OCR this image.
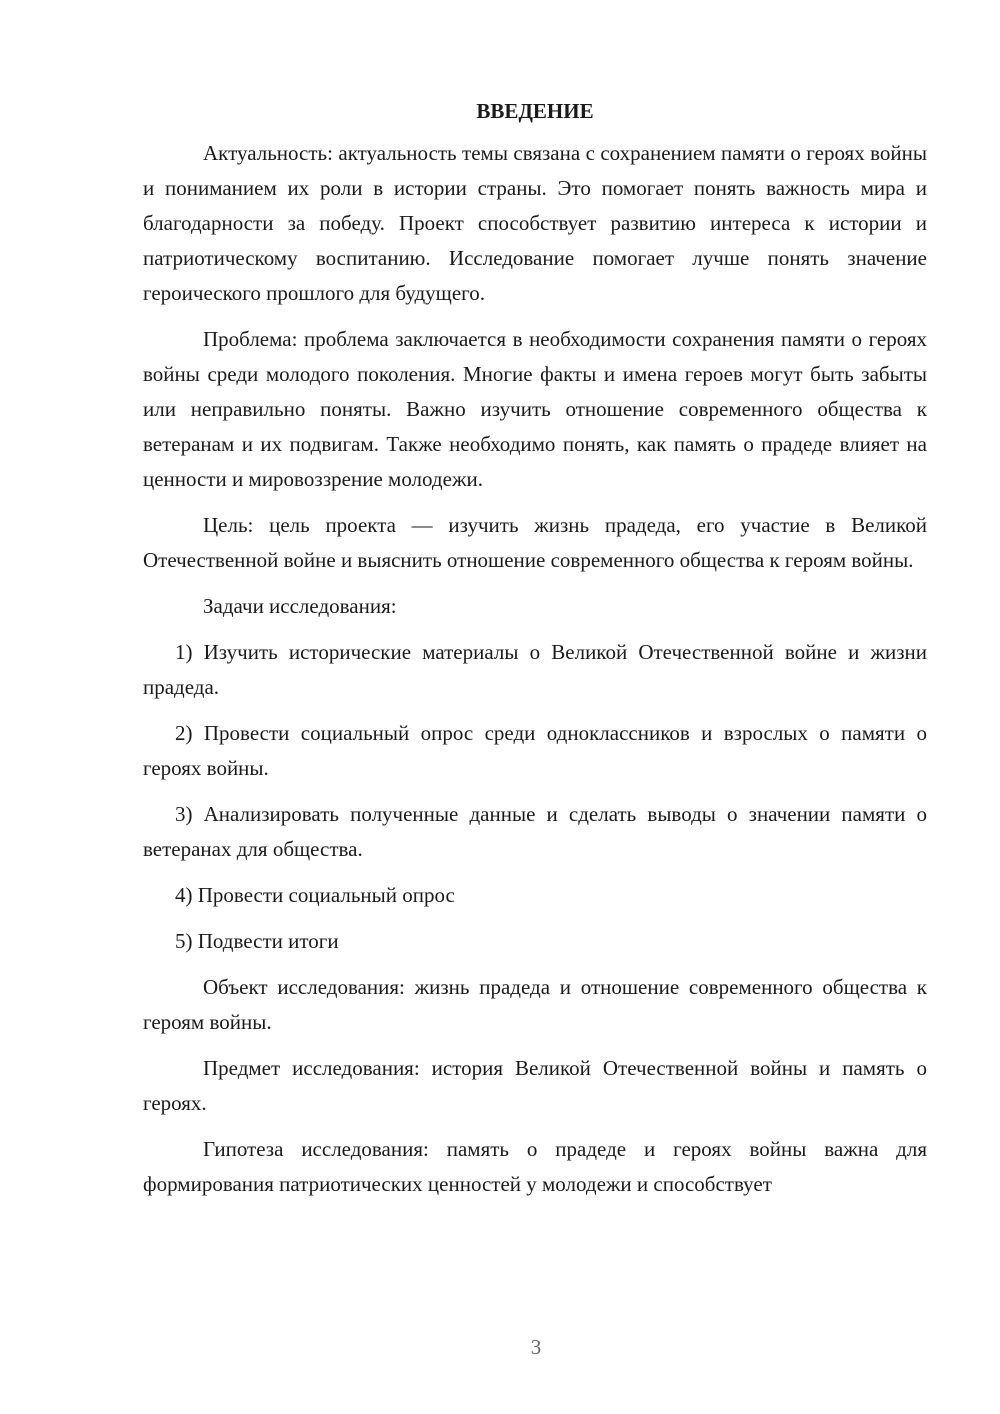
ВВЕДЕНИЕ

Актуальность: актуальность темы связана с сохранением памяти о героях войны и пониманием их роли в истории страны. Это помогает понять важность мира и благодарности за победу. Проект способствует развитию интереса к истории и патриотическому воспитанию. Исследование помогает лучше понять значение героического прошлого для будущего.

Проблема: проблема заключается в необходимости сохранения памяти о героях войны среди молодого поколения. Многие факты и имена героев могут быть забыты или неправильно поняты. Важно изучить отношение современного общества к ветеранам и их подвигам. Также необходимо понять, как память о прадеде влияет на ценности и мировоззрение молодежи.

Цель: цель проекта — изучить жизнь прадеда, его участие в Великой Отечественной войне и выяснить отношение современного общества к героям войны.

Задачи исследования:

1) Изучить исторические материалы о Великой Отечественной войне и жизни прадеда.

2) Провести социальный опрос среди одноклассников и взрослых о памяти о героях войны.

3) Анализировать полученные данные и сделать выводы о значении памяти о ветеранах для общества.

4) Провести социальный опрос

5) Подвести итоги

Объект исследования: жизнь прадеда и отношение современного общества к героям войны.

Предмет исследования: история Великой Отечественной войны и память о героях.

Гипотеза исследования: память о прадеде и героях войны важна для формирования патриотических ценностей у молодежи и способствует

3
